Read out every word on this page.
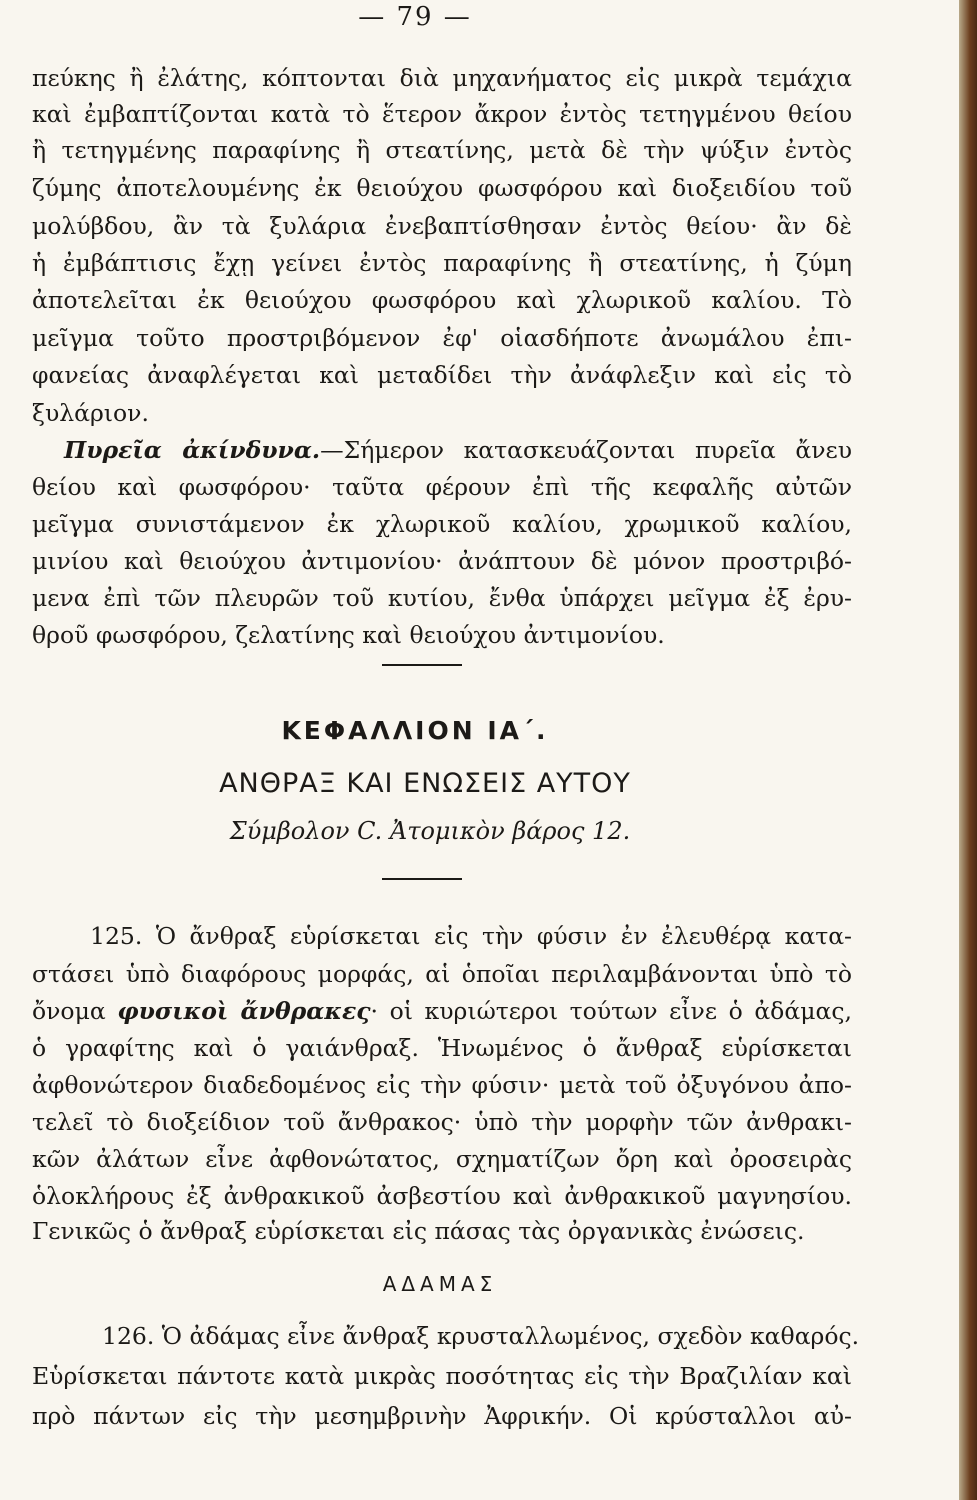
— 79 —
πεύκης ἢ ἐλάτης, κόπτονται διὰ μηχανήματος εἰς μικρὰ τεμάχια
καὶ ἐμβαπτίζονται κατὰ τὸ ἕτερον ἄκρον ἐντὸς τετηγμένου θείου
ἢ τετηγμένης παραφίνης ἢ στεατίνης, μετὰ δὲ τὴν ψύξιν ἐντὸς
ζύμης ἀποτελουμένης ἐκ θειούχου φωσφόρου καὶ διοξειδίου τοῦ
μολύβδου, ἂν τὰ ξυλάρια ἐνεβαπτίσθησαν ἐντὸς θείου· ἂν δὲ
ἡ ἐμβάπτισις ἔχῃ γείνει ἐντὸς παραφίνης ἢ στεατίνης, ἡ ζύμη
ἀποτελεῖται ἐκ θειούχου φωσφόρου καὶ χλωρικοῦ καλίου. Τὸ
μεῖγμα τοῦτο προστριβόμενον ἐφ' οἱασδήποτε ἀνωμάλου ἐπι-
φανείας ἀναφλέγεται καὶ μεταδίδει τὴν ἀνάφλεξιν καὶ εἰς τὸ
ξυλάριον.
Πυρεῖα ἀκίνδυνα.—Σήμερον κατασκευάζονται πυρεῖα ἄνευ
θείου καὶ φωσφόρου· ταῦτα φέρουν ἐπὶ τῆς κεφαλῆς αὐτῶν
μεῖγμα συνιστάμενον ἐκ χλωρικοῦ καλίου, χρωμικοῦ καλίου,
μινίου καὶ θειούχου ἀντιμονίου· ἀνάπτουν δὲ μόνον προστριβό-
μενα ἐπὶ τῶν πλευρῶν τοῦ κυτίου, ἔνθα ὑπάρχει μεῖγμα ἐξ ἐρυ-
θροῦ φωσφόρου, ζελατίνης καὶ θειούχου ἀντιμονίου.
ΚΕΦΑΛΛΙΟΝ ΙΑ΄.
ΑΝΘΡΑΞ ΚΑΙ ΕΝΩΣΕΙΣ ΑΥΤΟΥ
Σύμβολον C. Ἀτομικὸν βάρος 12.
125. Ὁ ἄνθραξ εὑρίσκεται εἰς τὴν φύσιν ἐν ἐλευθέρᾳ κατα-
στάσει ὑπὸ διαφόρους μορφάς, αἱ ὁποῖαι περιλαμβάνονται ὑπὸ τὸ
ὄνομα φυσικοὶ ἄνθρακες· οἱ κυριώτεροι τούτων εἶνε ὁ ἀδάμας,
ὁ γραφίτης καὶ ὁ γαιάνθραξ. Ἡνωμένος ὁ ἄνθραξ εὑρίσκεται
ἀφθονώτερον διαδεδομένος εἰς τὴν φύσιν· μετὰ τοῦ ὀξυγόνου ἀπο-
τελεῖ τὸ διοξείδιον τοῦ ἄνθρακος· ὑπὸ τὴν μορφὴν τῶν ἀνθρακι-
κῶν ἀλάτων εἶνε ἀφθονώτατος, σχηματίζων ὄρη καὶ ὀροσειρὰς
ὁλοκλήρους ἐξ ἀνθρακικοῦ ἀσβεστίου καὶ ἀνθρακικοῦ μαγνησίου.
Γενικῶς ὁ ἄνθραξ εὑρίσκεται εἰς πάσας τὰς ὀργανικὰς ἐνώσεις.
ΑΔΑΜΑΣ
126. Ὁ ἀδάμας εἶνε ἄνθραξ κρυσταλλωμένος, σχεδὸν καθαρός.
Εὑρίσκεται πάντοτε κατὰ μικρὰς ποσότητας εἰς τὴν Βραζιλίαν καὶ
πρὸ πάντων εἰς τὴν μεσημβρινὴν Ἀφρικήν. Οἱ κρύσταλλοι αὐ-
